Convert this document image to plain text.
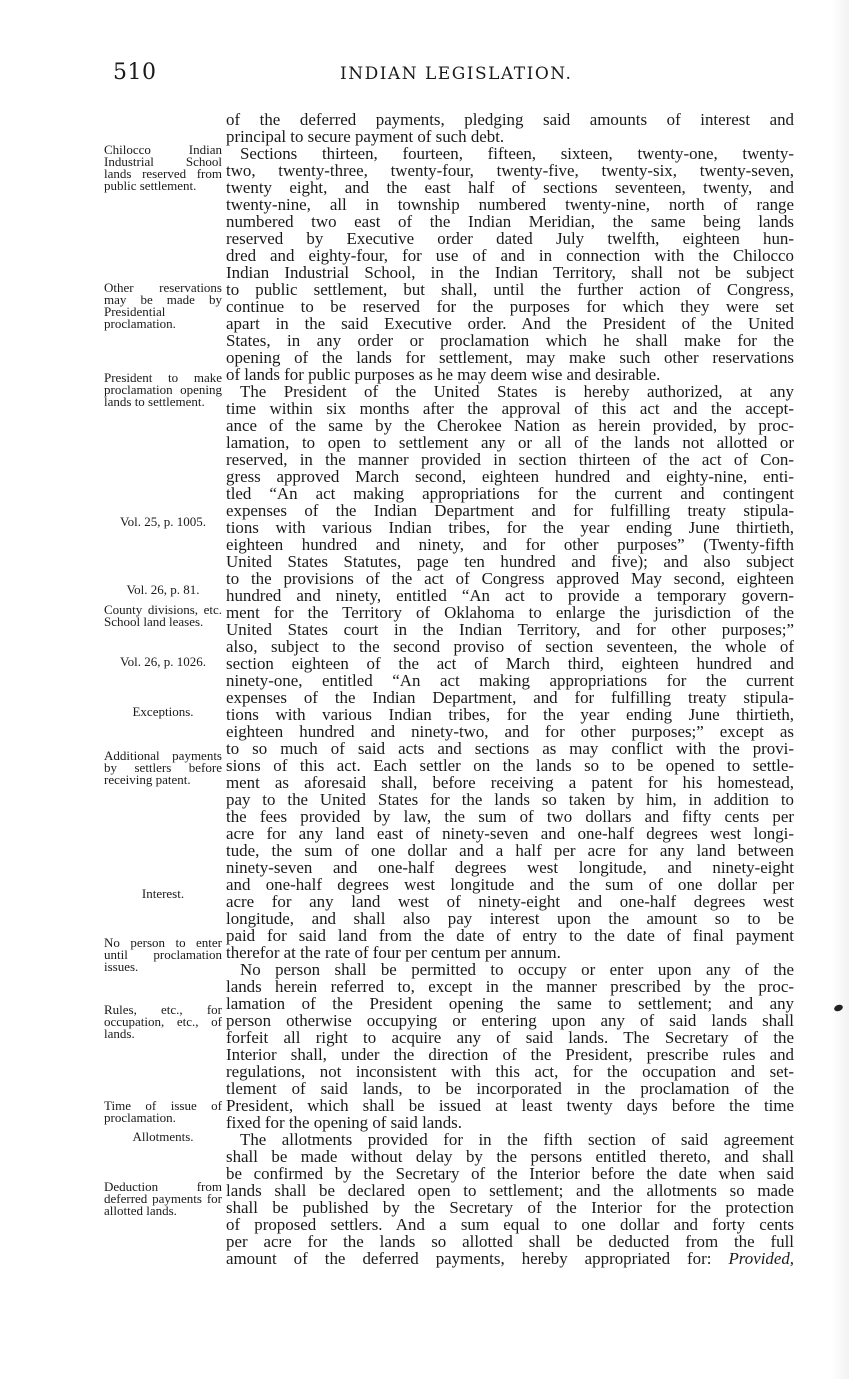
510	INDIAN LEGISLATION.
Chilocco Indian Industrial School lands reserved from public settlement.
Other reservations may be made by Presidential proclamation.
President to make proclamation opening lands to settlement.
Vol. 25, p. 1005.
Vol. 26, p. 81.
County divisions, etc. School land leases.
Vol. 26, p. 1026.
Exceptions.
Additional payments by settlers before receiving patent.
Interest.
No person to enter until proclamation issues.
Rules, etc., for occupation, etc., of lands.
Time of issue of proclamation.
Allotments.
Deduction from deferred payments for allotted lands.
of the deferred payments, pledging said amounts of interest and
principal to secure payment of such debt.
Sections thirteen, fourteen, fifteen, sixteen, twenty-one, twenty-
two, twenty-three, twenty-four, twenty-five, twenty-six, twenty-seven,
twenty eight, and the east half of sections seventeen, twenty, and
twenty-nine, all in township numbered twenty-nine, north of range
numbered two east of the Indian Meridian, the same being lands
reserved by Executive order dated July twelfth, eighteen hun-
dred and eighty-four, for use of and in connection with the Chilocco
Indian Industrial School, in the Indian Territory, shall not be subject
to public settlement, but shall, until the further action of Congress,
continue to be reserved for the purposes for which they were set
apart in the said Executive order. And the President of the United
States, in any order or proclamation which he shall make for the
opening of the lands for settlement, may make such other reservations
of lands for public purposes as he may deem wise and desirable.
The President of the United States is hereby authorized, at any
time within six months after the approval of this act and the accept-
ance of the same by the Cherokee Nation as herein provided, by proc-
lamation, to open to settlement any or all of the lands not allotted or
reserved, in the manner provided in section thirteen of the act of Con-
gress approved March second, eighteen hundred and eighty-nine, enti-
tled “An act making appropriations for the current and contingent
expenses of the Indian Department and for fulfilling treaty stipula-
tions with various Indian tribes, for the year ending June thirtieth,
eighteen hundred and ninety, and for other purposes” (Twenty-fifth
United States Statutes, page ten hundred and five); and also subject
to the provisions of the act of Congress approved May second, eighteen
hundred and ninety, entitled “An act to provide a temporary govern-
ment for the Territory of Oklahoma to enlarge the jurisdiction of the
United States court in the Indian Territory, and for other purposes;”
also, subject to the second proviso of section seventeen, the whole of
section eighteen of the act of March third, eighteen hundred and
ninety-one, entitled “An act making appropriations for the current
expenses of the Indian Department, and for fulfilling treaty stipula-
tions with various Indian tribes, for the year ending June thirtieth,
eighteen hundred and ninety-two, and for other purposes;” except as
to so much of said acts and sections as may conflict with the provi-
sions of this act. Each settler on the lands so to be opened to settle-
ment as aforesaid shall, before receiving a patent for his homestead,
pay to the United States for the lands so taken by him, in addition to
the fees provided by law, the sum of two dollars and fifty cents per
acre for any land east of ninety-seven and one-half degrees west longi-
tude, the sum of one dollar and a half per acre for any land between
ninety-seven and one-half degrees west longitude, and ninety-eight
and one-half degrees west longitude and the sum of one dollar per
acre for any land west of ninety-eight and one-half degrees west
longitude, and shall also pay interest upon the amount so to be
paid for said land from the date of entry to the date of final payment
therefor at the rate of four per centum per annum.
No person shall be permitted to occupy or enter upon any of the
lands herein referred to, except in the manner prescribed by the proc-
lamation of the President opening the same to settlement; and any
person otherwise occupying or entering upon any of said lands shall
forfeit all right to acquire any of said lands. The Secretary of the
Interior shall, under the direction of the President, prescribe rules and
regulations, not inconsistent with this act, for the occupation and set-
tlement of said lands, to be incorporated in the proclamation of the
President, which shall be issued at least twenty days before the time
fixed for the opening of said lands.
The allotments provided for in the fifth section of said agreement
shall be made without delay by the persons entitled thereto, and shall
be confirmed by the Secretary of the Interior before the date when said
lands shall be declared open to settlement; and the allotments so made
shall be published by the Secretary of the Interior for the protection
of proposed settlers. And a sum equal to one dollar and forty cents
per acre for the lands so allotted shall be deducted from the full
amount of the deferred payments, hereby appropriated for: Provided,
